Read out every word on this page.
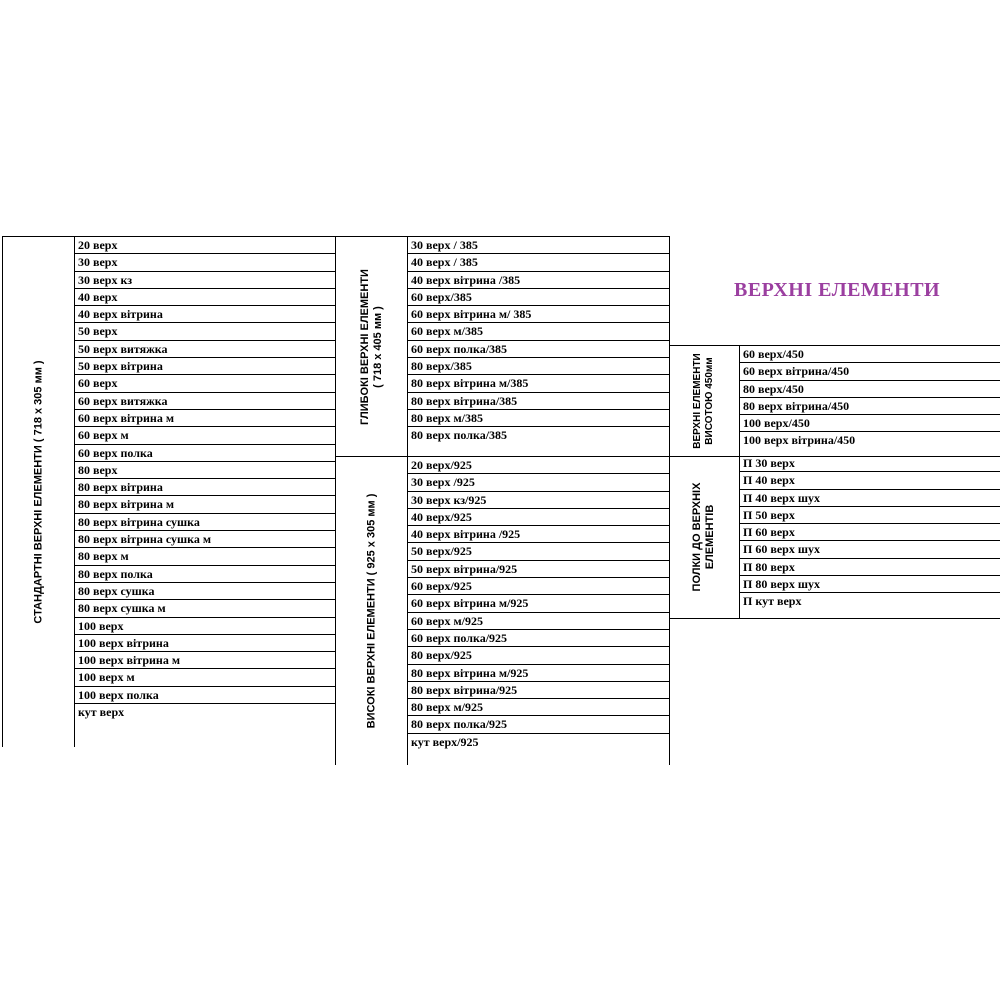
ВЕРХНІ ЕЛЕМЕНТИ
СТАНДАРТНІ ВЕРХНІ ЕЛЕМЕНТИ ( 718 х 305 мм )
20 верх
30 верх
30 верх кз
40 верх
40 верх вітрина
50 верх
50 верх витяжка
50 верх вітрина
60 верх
60 верх витяжка
60 верх вітрина м
60 верх м
60 верх полка
80 верх
80 верх вітрина
80 верх вітрина м
80 верх вітрина сушка
80 верх вітрина сушка м
80 верх м
80 верх полка
80 верх сушка
80 верх сушка м
100 верх
100 верх вітрина
100 верх вітрина м
100 верх м
100 верх полка
кут верх
ГЛИБОКІ ВЕРХНІ ЕЛЕМЕНТИ ( 718 х 405 мм )
30 верх / 385
40 верх / 385
40 верх вітрина /385
60 верх/385
60 верх вітрина м/ 385
60 верх м/385
60 верх полка/385
80 верх/385
80 верх вітрина м/385
80 верх вітрина/385
80 верх м/385
80 верх полка/385
ВИСОКІ ВЕРХНІ ЕЛЕМЕНТИ ( 925 х 305 мм )
20 верх/925
30 верх /925
30 верх кз/925
40 верх/925
40 верх вітрина /925
50 верх/925
50 верх вітрина/925
60 верх/925
60 верх вітрина м/925
60 верх м/925
60 верх полка/925
80 верх/925
80 верх вітрина м/925
80 верх вітрина/925
80 верх м/925
80 верх полка/925
кут верх/925
ВЕРХНІ ЕЛЕМЕНТИ ВИСОТОЮ 450мм
60 верх/450
60 верх вітрина/450
80 верх/450
80 верх вітрина/450
100 верх/450
100 верх вітрина/450
ПОЛКИ ДО ВЕРХНІХ ЕЛЕМЕНТІВ
П 30 верх
П 40 верх
П 40 верх шух
П 50 верх
П 60 верх
П 60 верх шух
П 80 верх
П 80 верх шух
П кут верх
